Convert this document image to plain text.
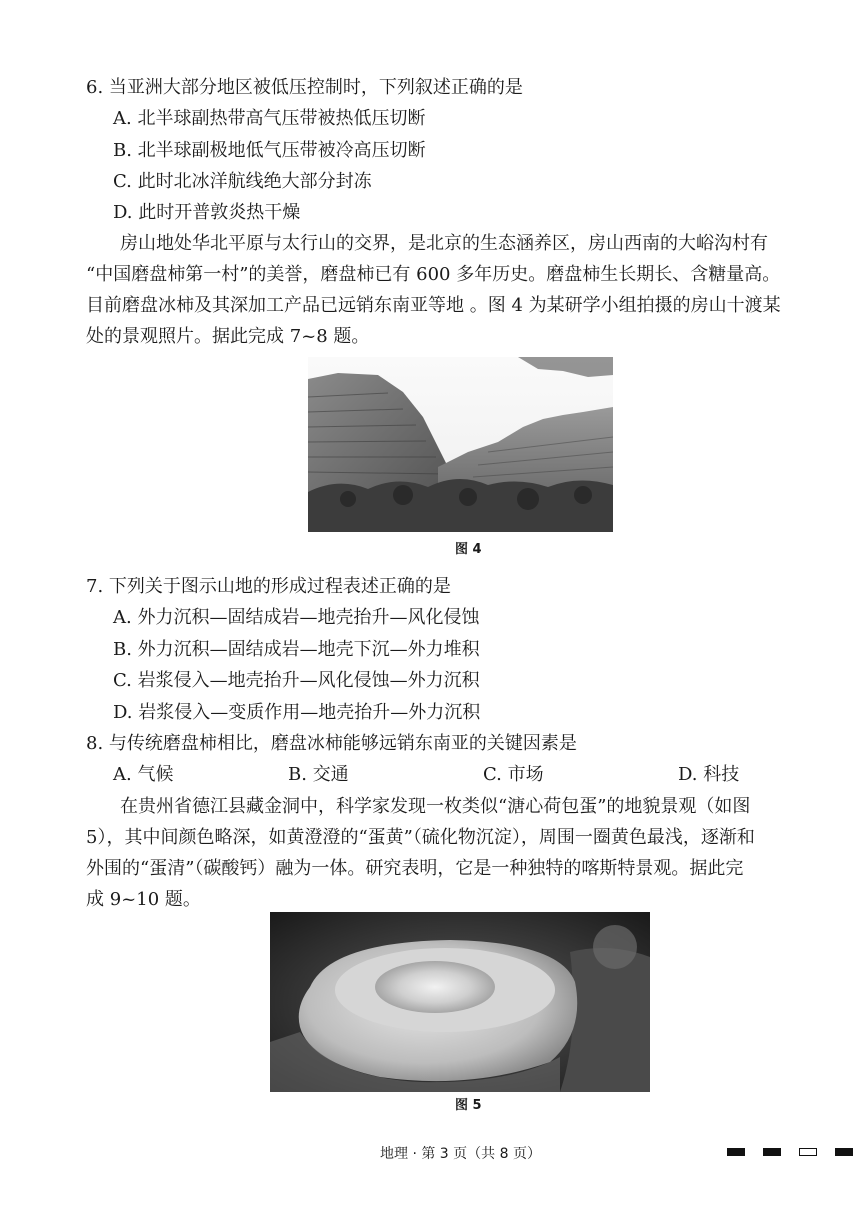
6. 当亚洲大部分地区被低压控制时，下列叙述正确的是
A. 北半球副热带高气压带被热低压切断
B. 北半球副极地低气压带被冷高压切断
C. 此时北冰洋航线绝大部分封冻
D. 此时开普敦炎热干燥
房山地处华北平原与太行山的交界，是北京的生态涵养区，房山西南的大峪沟村有
“中国磨盘柿第一村”的美誉，磨盘柿已有 600 多年历史。磨盘柿生长期长、含糖量高。
目前磨盘冰柿及其深加工产品已远销东南亚等地 。图 4 为某研学小组拍摄的房山十渡某
处的景观照片。据此完成 7~8 题。
图 4
7. 下列关于图示山地的形成过程表述正确的是
A. 外力沉积—固结成岩—地壳抬升—风化侵蚀
B. 外力沉积—固结成岩—地壳下沉—外力堆积
C. 岩浆侵入—地壳抬升—风化侵蚀—外力沉积
D. 岩浆侵入—变质作用—地壳抬升—外力沉积
8. 与传统磨盘柿相比，磨盘冰柿能够远销东南亚的关键因素是
A. 气候	B. 交通	C. 市场	D. 科技
在贵州省德江县藏金洞中，科学家发现一枚类似“溏心荷包蛋”的地貌景观（如图
5），其中间颜色略深，如黄澄澄的“蛋黄”（硫化物沉淀），周围一圈黄色最浅，逐渐和
外围的“蛋清”（碳酸钙）融为一体。研究表明，它是一种独特的喀斯特景观。据此完
成 9~10 题。
图 5
地理 · 第 3 页（共 8 页）
